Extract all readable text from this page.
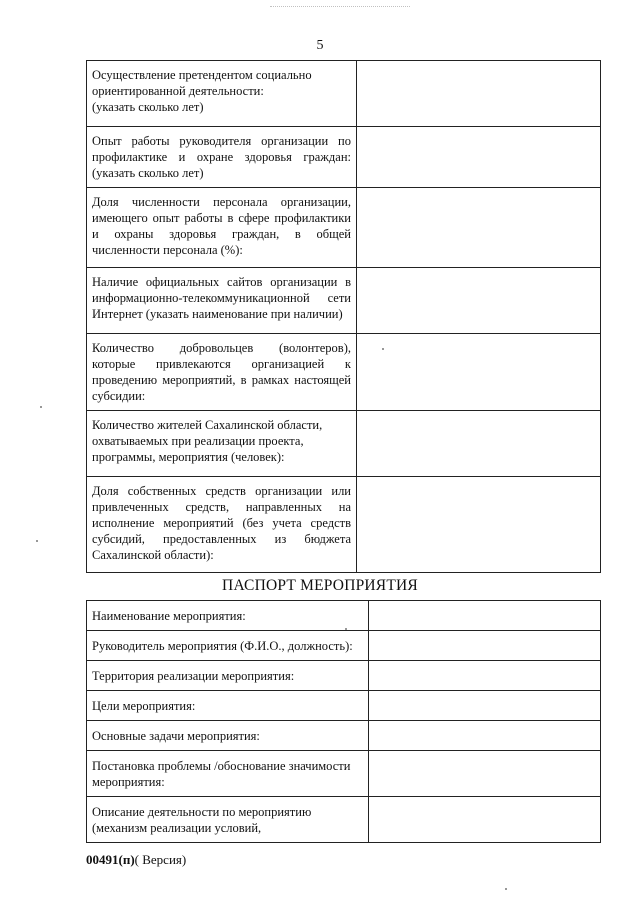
5
Осуществление претендентом социально ориентированной деятельности:
(указать сколько лет)	
Опыт работы руководителя организации по профилактике и охране здоровья граждан: (указать сколько лет)	
Доля численности персонала организации, имеющего опыт работы в сфере профилактики и охраны здоровья граждан, в общей численности персонала (%):	
Наличие официальных сайтов организации в информационно-телекоммуникационной сети Интернет (указать наименование при наличии)	
Количество добровольцев (волонтеров), которые привлекаются организацией к проведению мероприятий, в рамках настоящей субсидии:	
Количество жителей Сахалинской области, охватываемых при реализации проекта, программы, мероприятия (человек):	
Доля собственных средств организации или привлеченных средств, направленных на исполнение мероприятий (без учета средств субсидий, предоставленных из бюджета Сахалинской области):	
ПАСПОРТ МЕРОПРИЯТИЯ
Наименование мероприятия:	
Руководитель мероприятия (Ф.И.О., должность):	
Территория реализации мероприятия:	
Цели мероприятия:	
Основные задачи мероприятия:	
Постановка проблемы /обоснование значимости мероприятия:	
Описание деятельности по мероприятию (механизм реализации условий,	
00491(п)( Версия)
